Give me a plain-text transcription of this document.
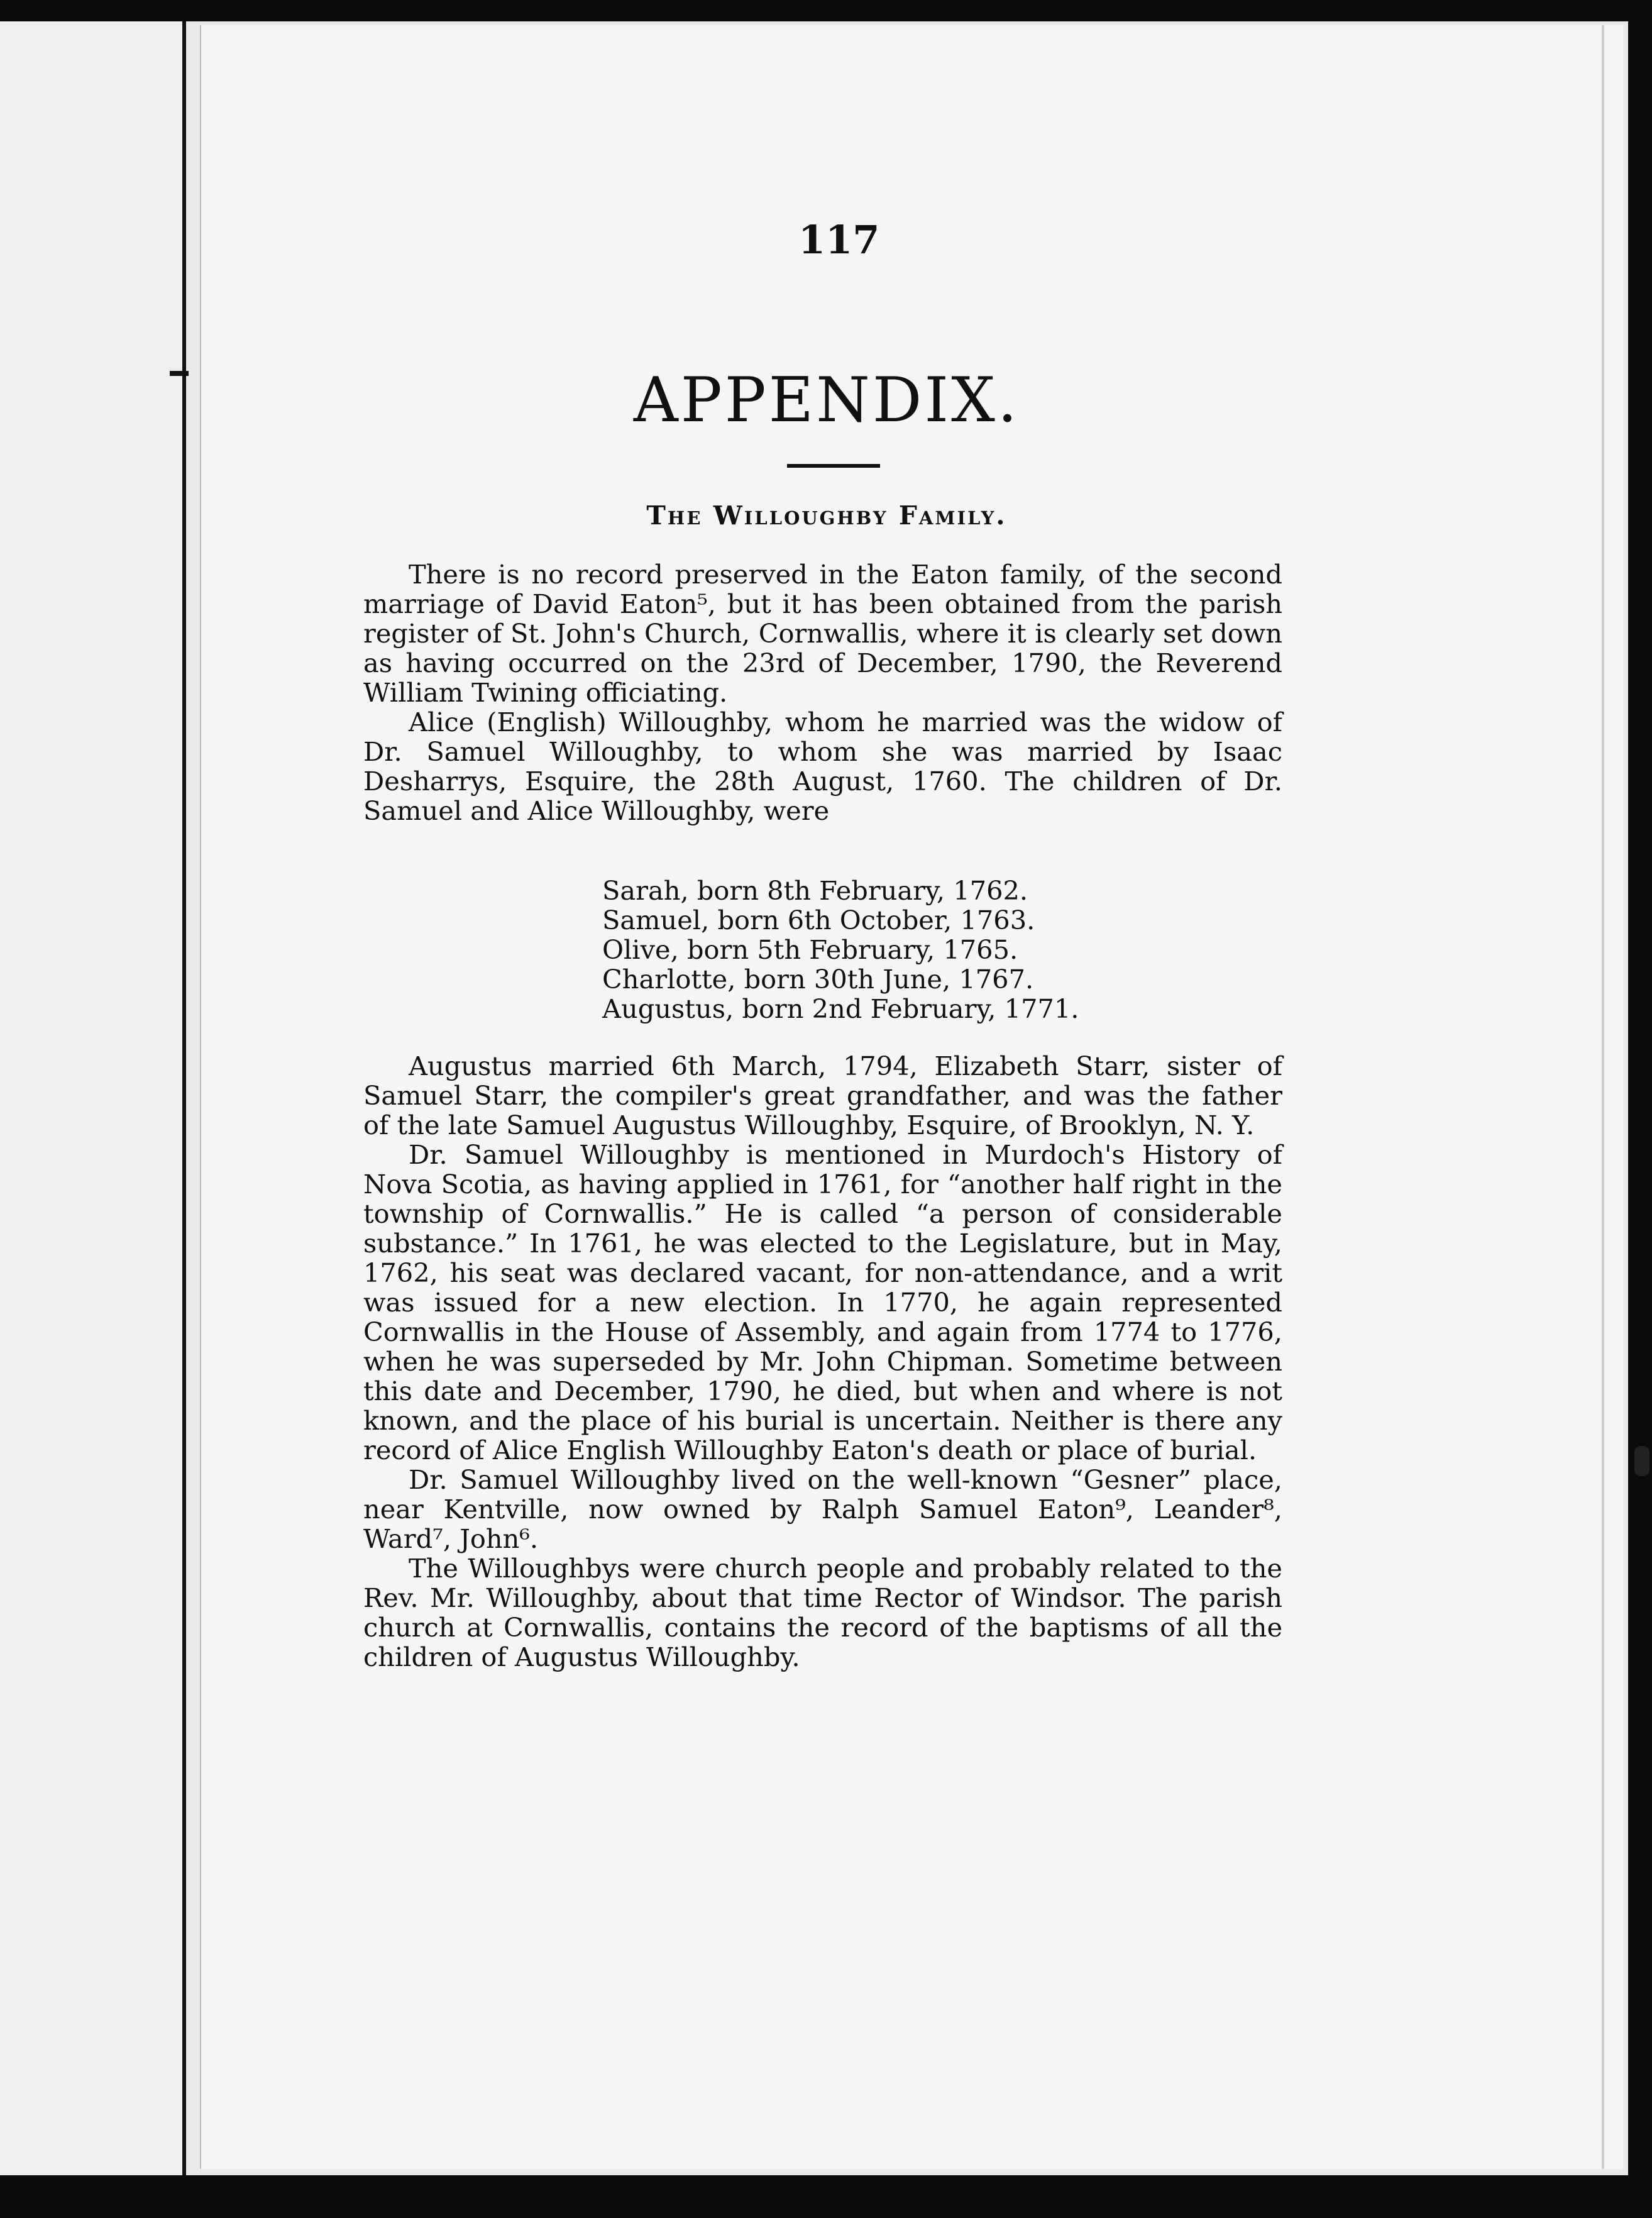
117
APPENDIX.
The Willoughby Family.

There is no record preserved in the Eaton family, of the second marriage of David Eaton⁵, but it has been obtained from the parish register of St. John's Church, Cornwallis, where it is clearly set down as having occurred on the 23rd of December, 1790, the Reverend William Twining officiating.

Alice (English) Willoughby, whom he married was the widow of Dr. Samuel Willoughby, to whom she was married by Isaac Desharrys, Esquire, the 28th August, 1760. The children of Dr. Samuel and Alice Willoughby, were

Sarah, born 8th February, 1762.
Samuel, born 6th October, 1763.
Olive, born 5th February, 1765.
Charlotte, born 30th June, 1767.
Augustus, born 2nd February, 1771.

Augustus married 6th March, 1794, Elizabeth Starr, sister of Samuel Starr, the compiler's great grandfather, and was the father of the late Samuel Augustus Willoughby, Esquire, of Brooklyn, N. Y.

Dr. Samuel Willoughby is mentioned in Murdoch's History of Nova Scotia, as having applied in 1761, for “another half right in the township of Cornwallis.” He is called “a person of considerable substance.” In 1761, he was elected to the Legislature, but in May, 1762, his seat was declared vacant, for non-attendance, and a writ was issued for a new election. In 1770, he again represented Cornwallis in the House of Assembly, and again from 1774 to 1776, when he was superseded by Mr. John Chipman. Sometime between this date and December, 1790, he died, but when and where is not known, and the place of his burial is uncertain. Neither is there any record of Alice English Willoughby Eaton's death or place of burial.

Dr. Samuel Willoughby lived on the well-known “Gesner” place, near Kentville, now owned by Ralph Samuel Eaton⁹, Leander⁸, Ward⁷, John⁶.

The Willoughbys were church people and probably related to the Rev. Mr. Willoughby, about that time Rector of Windsor. The parish church at Cornwallis, contains the record of the baptisms of all the children of Augustus Willoughby.
